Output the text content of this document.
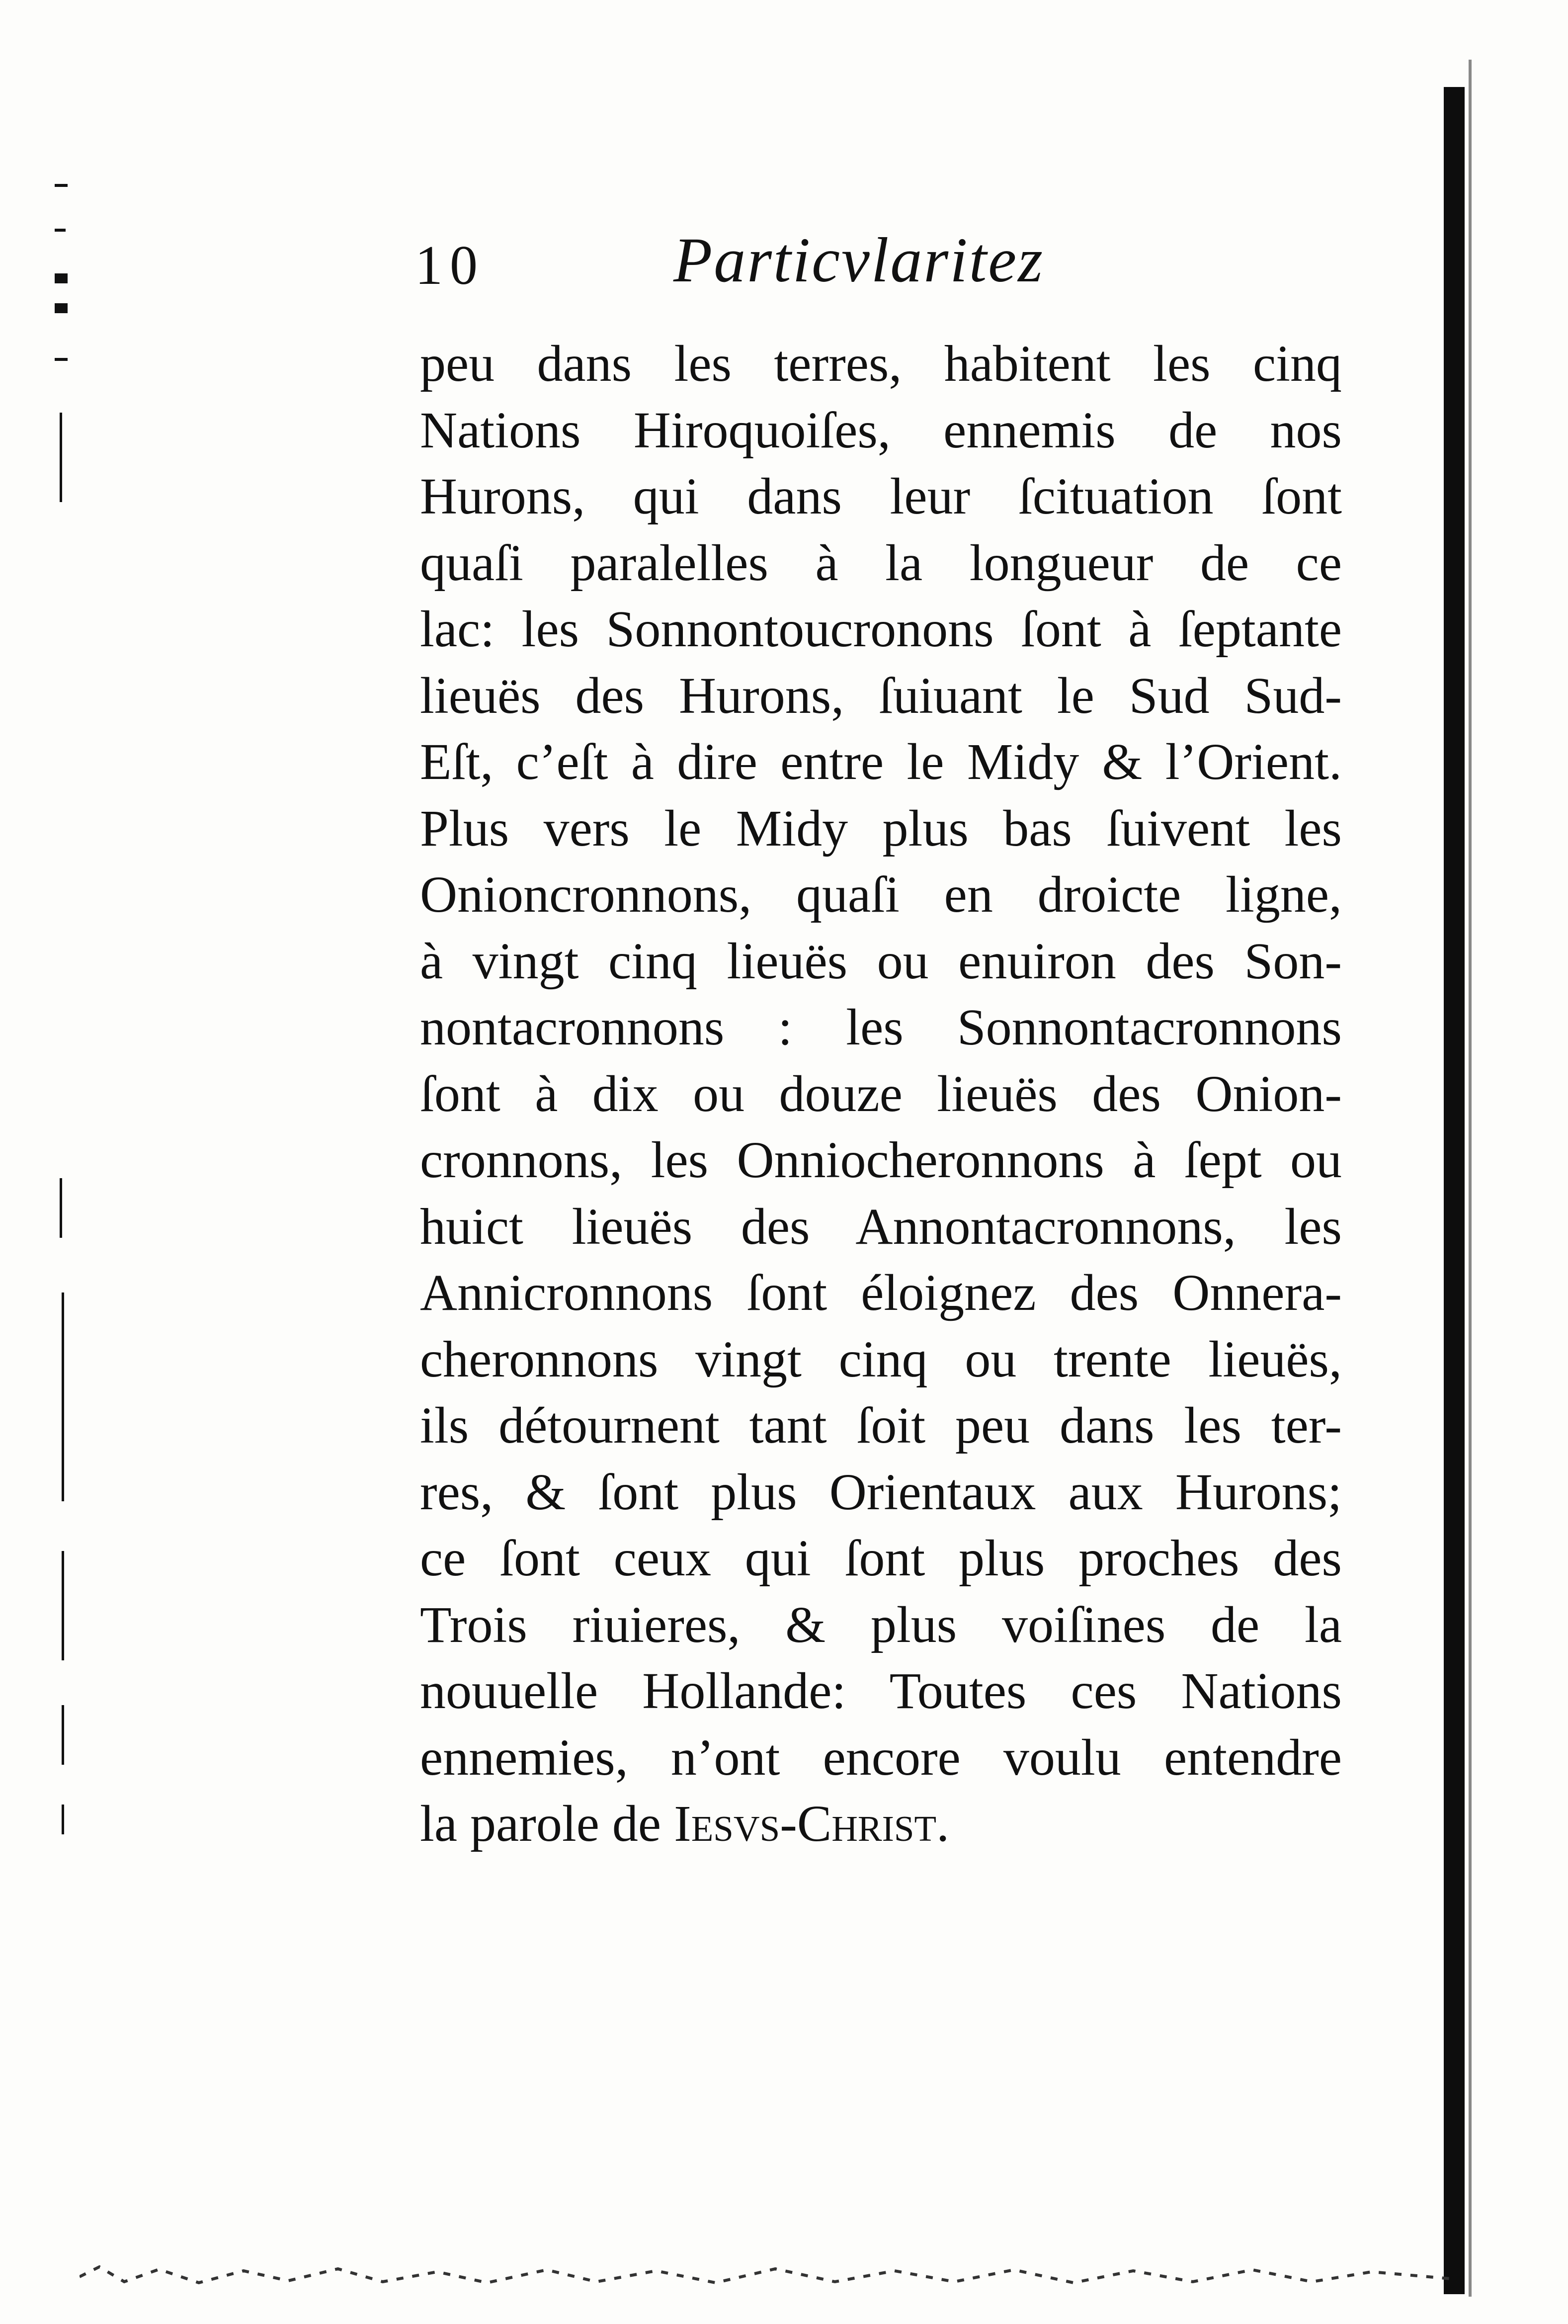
10	Particvlaritez
peu dans les terres, habitent les cinq
Nations Hiroquoiſes, ennemis de nos
Hurons, qui dans leur ſcituation ſont
quaſi paralelles à la longueur de ce
lac: les Sonnontoucronons ſont à ſeptante
lieuës des Hurons, ſuiuant le Sud Sud-
Eſt, c’eſt à dire entre le Midy & l’Orient.
Plus vers le Midy plus bas ſuivent les
Onioncronnons, quaſi en droicte ligne,
à vingt cinq lieuës ou enuiron des Son-
nontacronnons : les Sonnontacronnons
ſont à dix ou douze lieuës des Onion-
cronnons, les Onniocheronnons à ſept ou
huict lieuës des Annontacronnons, les
Annicronnons ſont éloignez des Onnera-
cheronnons vingt cinq ou trente lieuës,
ils détournent tant ſoit peu dans les ter-
res, & ſont plus Orientaux aux Hurons;
ce ſont ceux qui ſont plus proches des
Trois riuieres, & plus voiſines de la
nouuelle Hollande: Toutes ces Nations
ennemies, n’ont encore voulu entendre
la parole de Iesvs-Christ.
